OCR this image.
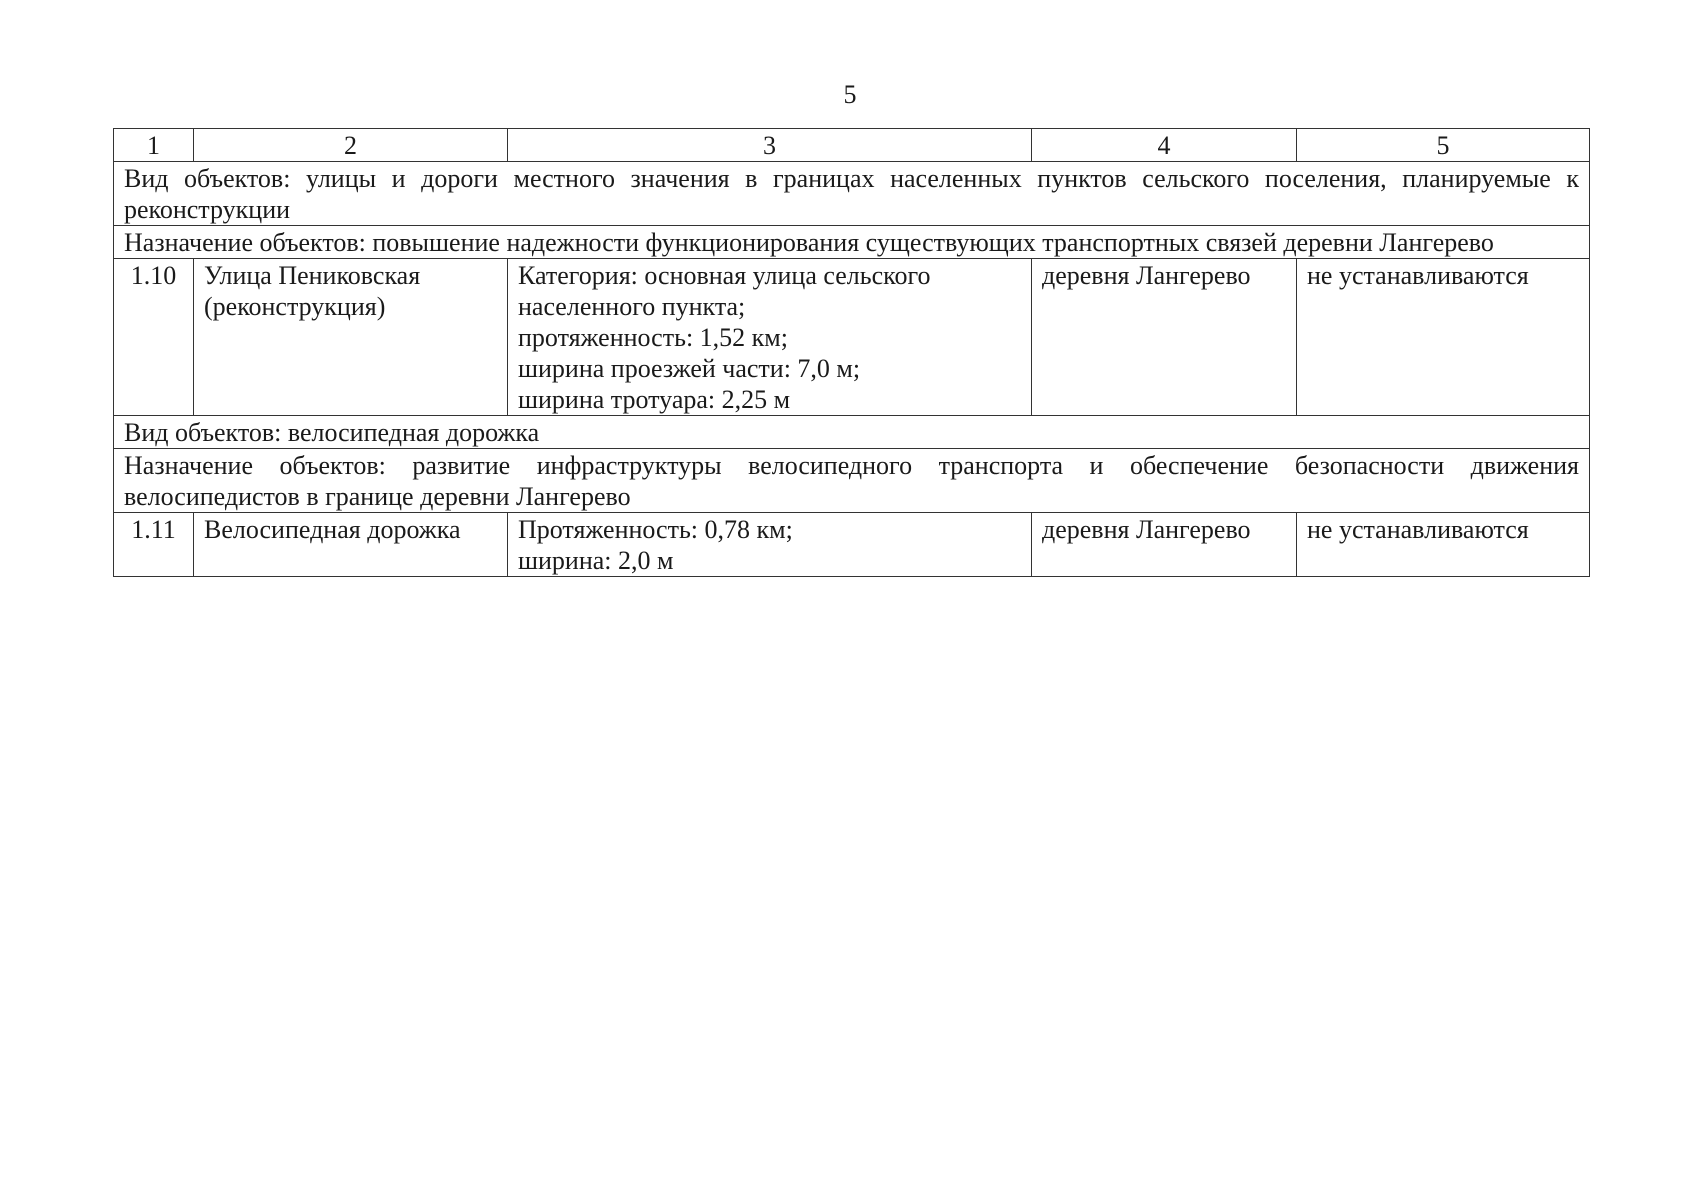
5
1	2	3	4	5
Вид объектов: улицы и дороги местного значения в границах населенных пунктов сельского поселения, планируемые к реконструкции				
Назначение объектов: повышение надежности функционирования существующих транспортных связей деревни Лангерево				
1.10	Улица Пениковская (реконструкция)	Категория: основная улица сельского
населенного пункта;
протяженность: 1,52 км;
ширина проезжей части: 7,0 м;
ширина тротуара: 2,25 м	деревня Лангерево	не устанавливаются
Вид объектов: велосипедная дорожка				
Назначение объектов: развитие инфраструктуры велосипедного транспорта и обеспечение безопасности движения велосипедистов в границе деревни Лангерево				
1.11	Велосипедная дорожка	Протяженность: 0,78 км;
ширина: 2,0 м	деревня Лангерево	не устанавливаются
